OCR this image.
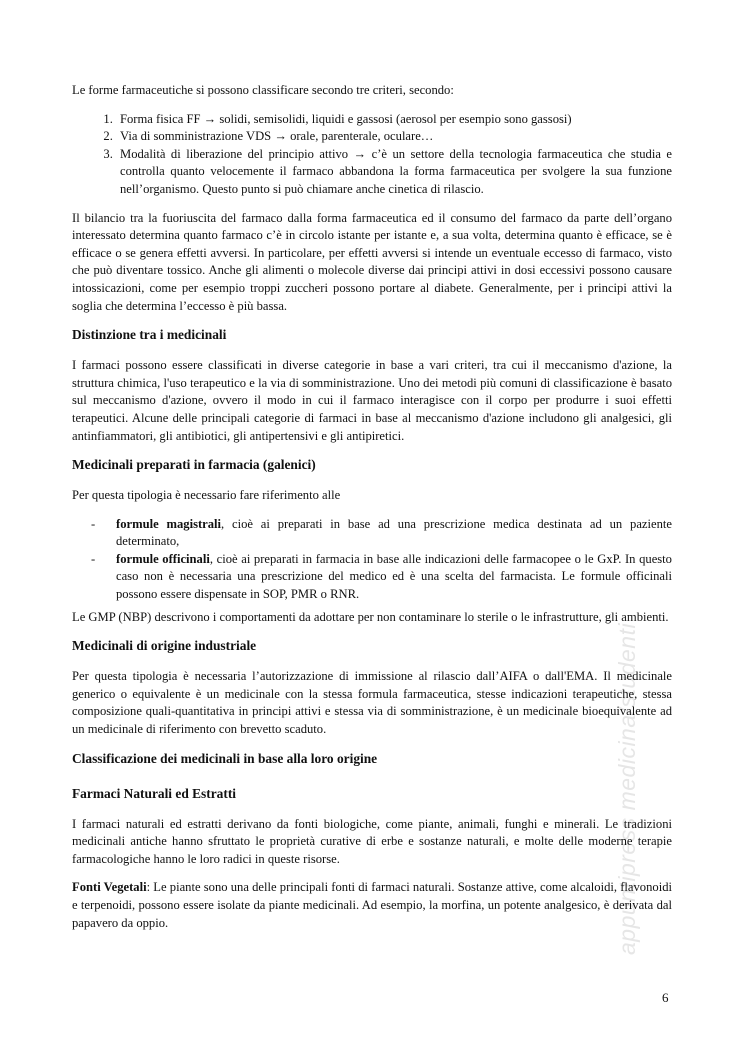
appuntipress medicina/studenti

Le forme farmaceutiche si possono classificare secondo tre criteri, secondo:

1. Forma fisica FF → solidi, semisolidi, liquidi e gassosi (aerosol per esempio sono gassosi)
2. Via di somministrazione VDS → orale, parenterale, oculare…
3. Modalità di liberazione del principio attivo → c’è un settore della tecnologia farmaceutica che studia e controlla quanto velocemente il farmaco abbandona la forma farmaceutica per svolgere la sua funzione nell’organismo. Questo punto si può chiamare anche cinetica di rilascio.

Il bilancio tra la fuoriuscita del farmaco dalla forma farmaceutica ed il consumo del farmaco da parte dell’organo interessato determina quanto farmaco c’è in circolo istante per istante e, a sua volta, determina quanto è efficace, se è efficace o se genera effetti avversi. In particolare, per effetti avversi si intende un eventuale eccesso di farmaco, visto che può diventare tossico. Anche gli alimenti o molecole diverse dai principi attivi in dosi eccessivi possono causare intossicazioni, come per esempio troppi zuccheri possono portare al diabete. Generalmente, per i principi attivi la soglia che determina l’eccesso è più bassa.

Distinzione tra i medicinali

I farmaci possono essere classificati in diverse categorie in base a vari criteri, tra cui il meccanismo d'azione, la struttura chimica, l'uso terapeutico e la via di somministrazione. Uno dei metodi più comuni di classificazione è basato sul meccanismo d'azione, ovvero il modo in cui il farmaco interagisce con il corpo per produrre i suoi effetti terapeutici. Alcune delle principali categorie di farmaci in base al meccanismo d'azione includono gli analgesici, gli antinfiammatori, gli antibiotici, gli antipertensivi e gli antipiretici.

Medicinali preparati in farmacia (galenici)

Per questa tipologia è necessario fare riferimento alle

- formule magistrali, cioè ai preparati in base ad una prescrizione medica destinata ad un paziente determinato,
- formule officinali, cioè ai preparati in farmacia in base alle indicazioni delle farmacopee o le GxP. In questo caso non è necessaria una prescrizione del medico ed è una scelta del farmacista. Le formule officinali possono essere dispensate in SOP, PMR o RNR.

Le GMP (NBP) descrivono i comportamenti da adottare per non contaminare lo sterile o le infrastrutture, gli ambienti.

Medicinali di origine industriale

Per questa tipologia è necessaria l’autorizzazione di immissione al rilascio dall’AIFA o dall'EMA. Il medicinale generico o equivalente è un medicinale con la stessa formula farmaceutica, stesse indicazioni terapeutiche, stessa composizione quali-quantitativa in principi attivi e stessa via di somministrazione, è un medicinale bioequivalente ad un medicinale di riferimento con brevetto scaduto.

Classificazione dei medicinali in base alla loro origine
Farmaci Naturali ed Estratti

I farmaci naturali ed estratti derivano da fonti biologiche, come piante, animali, funghi e minerali. Le tradizioni medicinali antiche hanno sfruttato le proprietà curative di erbe e sostanze naturali, e molte delle moderne terapie farmacologiche hanno le loro radici in queste risorse.

Fonti Vegetali: Le piante sono una delle principali fonti di farmaci naturali. Sostanze attive, come alcaloidi, flavonoidi e terpenoidi, possono essere isolate da piante medicinali. Ad esempio, la morfina, un potente analgesico, è derivata dal papavero da oppio.

6
